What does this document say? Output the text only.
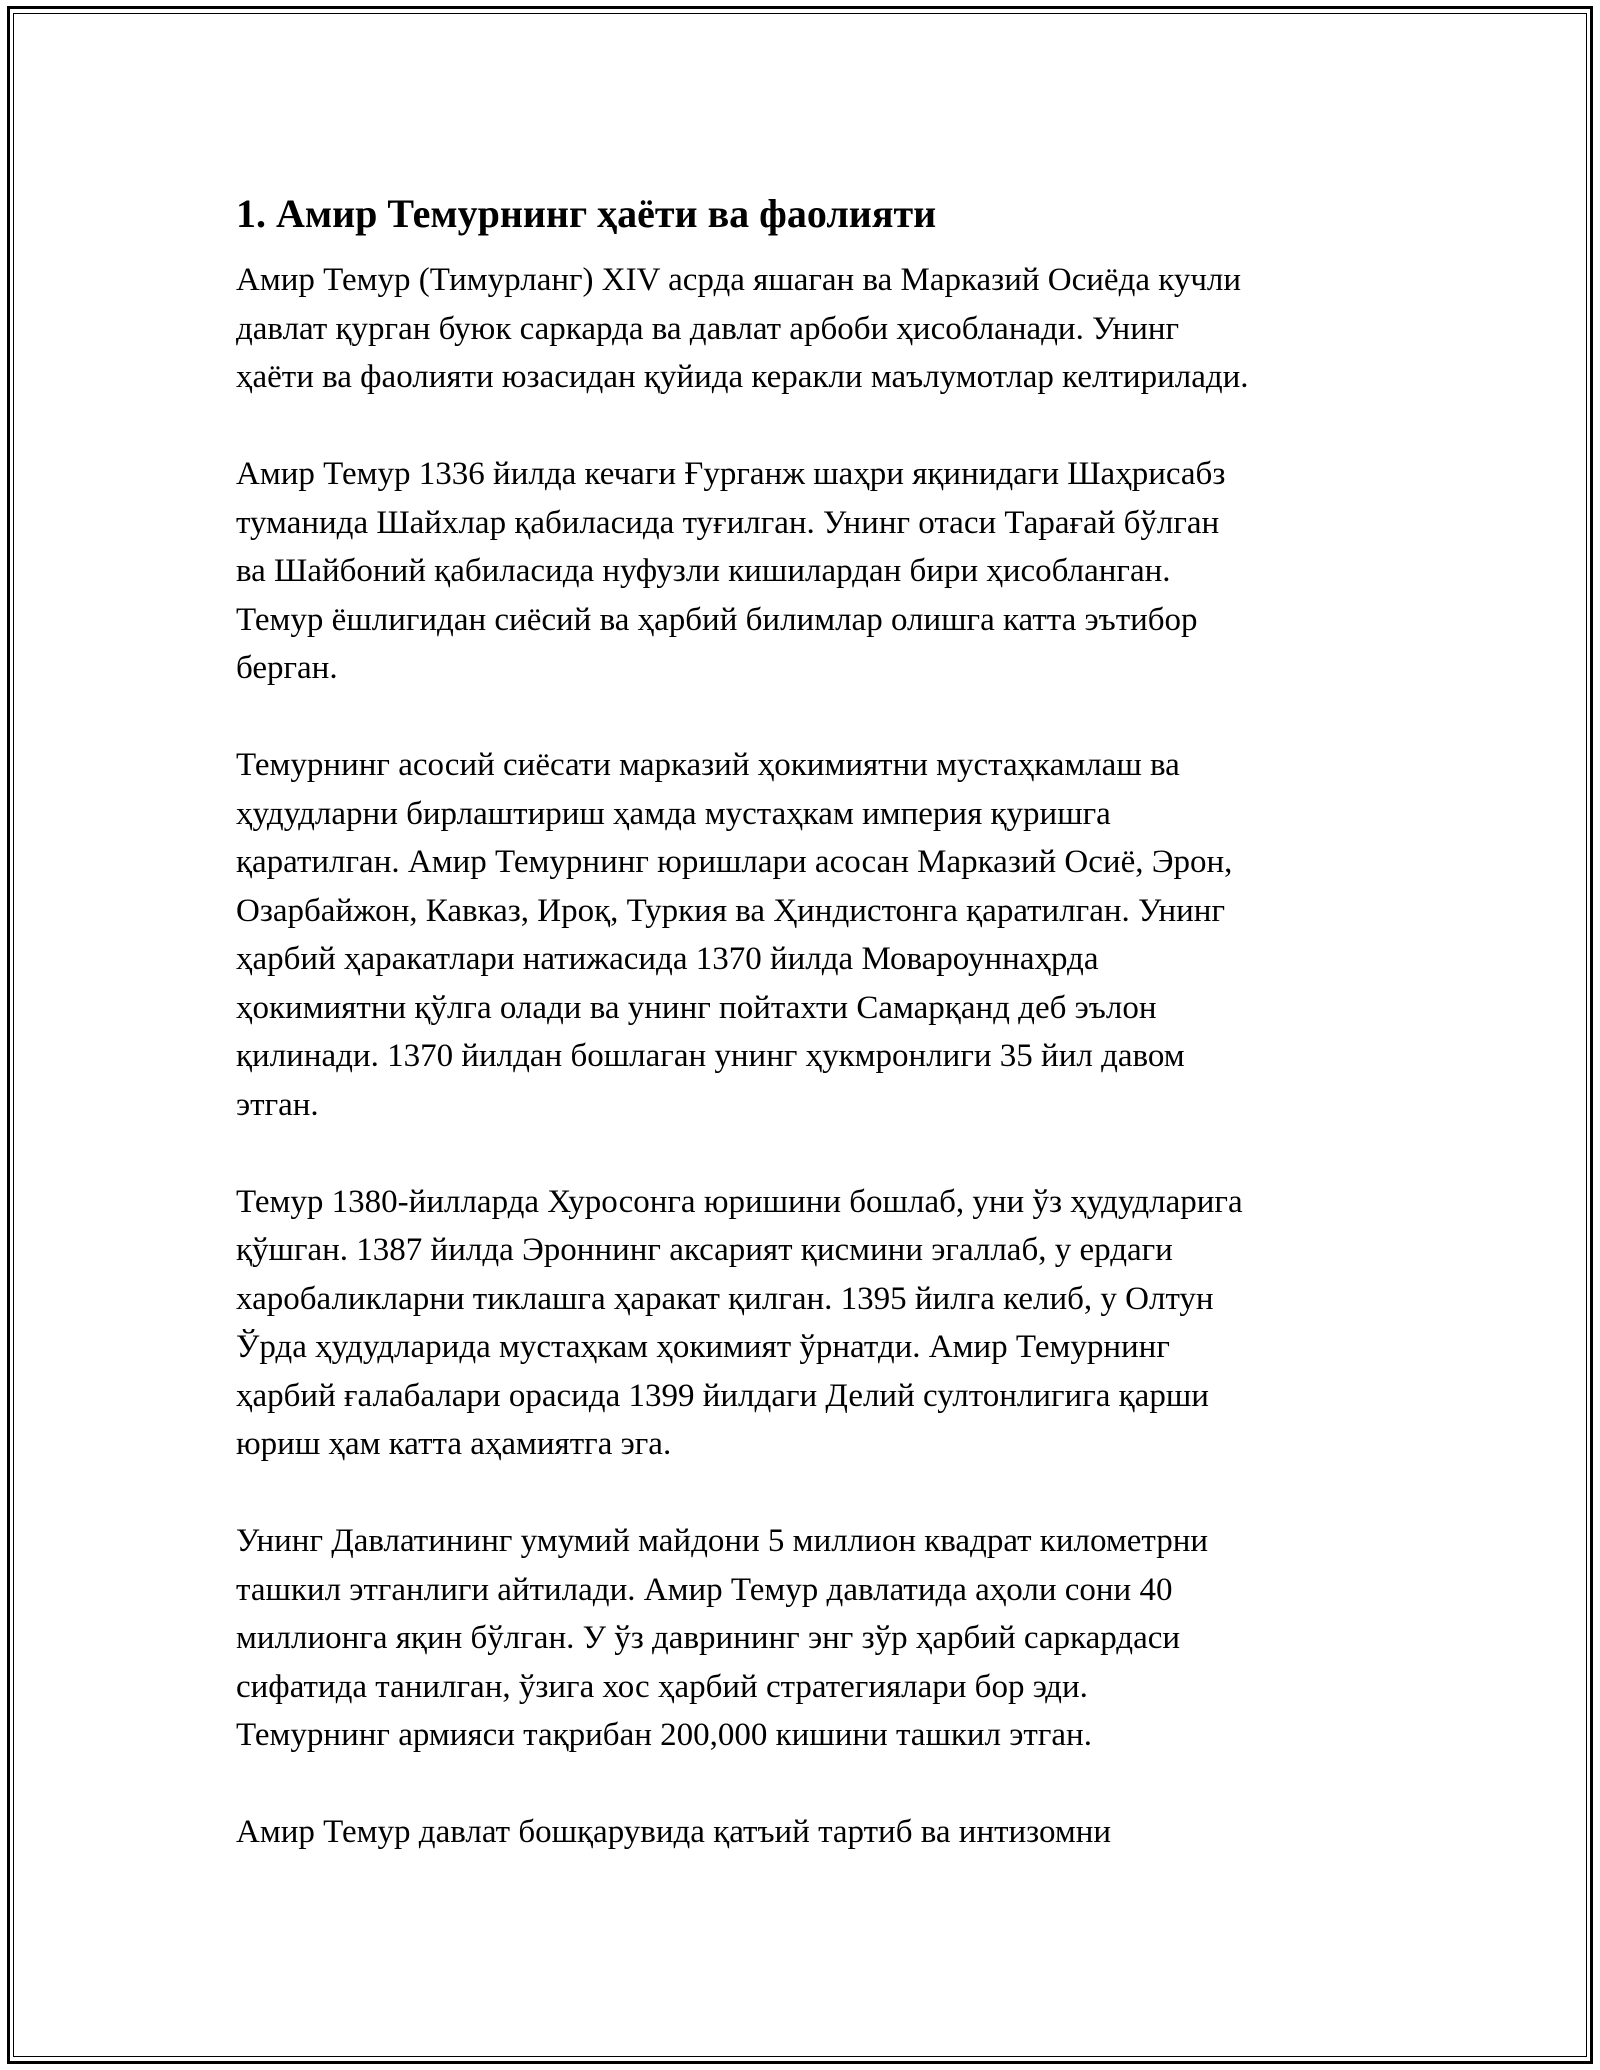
1. Амир Темурнинг ҳаёти ва фаолияти
Амир Темур (Тимурланг) XIV асрда яшаган ва Марказий Осиёда кучли
давлат қурган буюк саркарда ва давлат арбоби ҳисобланади. Унинг
ҳаёти ва фаолияти юзасидан қуйида керакли маълумотлар келтирилади.
Амир Темур 1336 йилда кечаги Ғурганж шаҳри яқинидаги Шаҳрисабз
туманида Шайхлар қабиласида туғилган. Унинг отаси Тарағай бўлган
ва Шайбоний қабиласида нуфузли кишилардан бири ҳисобланган.
Темур ёшлигидан сиёсий ва ҳарбий билимлар олишга катта эътибор
берган.
Темурнинг асосий сиёсати марказий ҳокимиятни мустаҳкамлаш ва
ҳудудларни бирлаштириш ҳамда мустаҳкам империя қуришга
қаратилган. Амир Темурнинг юришлари асосан Марказий Осиё, Эрон,
Озарбайжон, Кавказ, Ироқ, Туркия ва Ҳиндистонга қаратилган. Унинг
ҳарбий ҳаракатлари натижасида 1370 йилда Мовароуннаҳрда
ҳокимиятни қўлга олади ва унинг пойтахти Самарқанд деб эълон
қилинади. 1370 йилдан бошлаган унинг ҳукмронлиги 35 йил давом
этган.
Темур 1380-йилларда Хуросонга юришини бошлаб, уни ўз ҳудудларига
қўшган. 1387 йилда Эроннинг аксарият қисмини эгаллаб, у ердаги
харобаликларни тиклашга ҳаракат қилган. 1395 йилга келиб, у Олтун
Ўрда ҳудудларида мустаҳкам ҳокимият ўрнатди. Амир Темурнинг
ҳарбий ғалабалари орасида 1399 йилдаги Делий султонлигига қарши
юриш ҳам катта аҳамиятга эга.
Унинг Давлатининг умумий майдони 5 миллион квадрат километрни
ташкил этганлиги айтилади. Амир Темур давлатида аҳоли сони 40
миллионга яқин бўлган. У ўз даврининг энг зўр ҳарбий саркардаси
сифатида танилган, ўзига хос ҳарбий стратегиялари бор эди.
Темурнинг армияси тақрибан 200,000 кишини ташкил этган.
Амир Темур давлат бошқарувида қатъий тартиб ва интизомни
